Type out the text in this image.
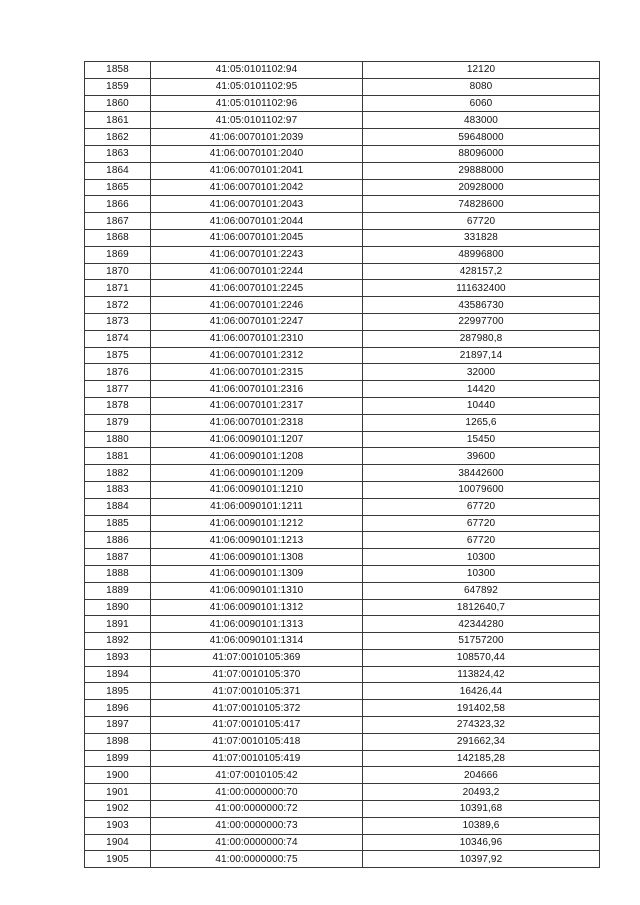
1858	41:05:0101102:94	12120
1859	41:05:0101102:95	8080
1860	41:05:0101102:96	6060
1861	41:05:0101102:97	483000
1862	41:06:0070101:2039	59648000
1863	41:06:0070101:2040	88096000
1864	41:06:0070101:2041	29888000
1865	41:06:0070101:2042	20928000
1866	41:06:0070101:2043	74828600
1867	41:06:0070101:2044	67720
1868	41:06:0070101:2045	331828
1869	41:06:0070101:2243	48996800
1870	41:06:0070101:2244	428157,2
1871	41:06:0070101:2245	111632400
1872	41:06:0070101:2246	43586730
1873	41:06:0070101:2247	22997700
1874	41:06:0070101:2310	287980,8
1875	41:06:0070101:2312	21897,14
1876	41:06:0070101:2315	32000
1877	41:06:0070101:2316	14420
1878	41:06:0070101:2317	10440
1879	41:06:0070101:2318	1265,6
1880	41:06:0090101:1207	15450
1881	41:06:0090101:1208	39600
1882	41:06:0090101:1209	38442600
1883	41:06:0090101:1210	10079600
1884	41:06:0090101:1211	67720
1885	41:06:0090101:1212	67720
1886	41:06:0090101:1213	67720
1887	41:06:0090101:1308	10300
1888	41:06:0090101:1309	10300
1889	41:06:0090101:1310	647892
1890	41:06:0090101:1312	1812640,7
1891	41:06:0090101:1313	42344280
1892	41:06:0090101:1314	51757200
1893	41:07:0010105:369	108570,44
1894	41:07:0010105:370	113824,42
1895	41:07:0010105:371	16426,44
1896	41:07:0010105:372	191402,58
1897	41:07:0010105:417	274323,32
1898	41:07:0010105:418	291662,34
1899	41:07:0010105:419	142185,28
1900	41:07:0010105:42	204666
1901	41:00:0000000:70	20493,2
1902	41:00:0000000:72	10391,68
1903	41:00:0000000:73	10389,6
1904	41:00:0000000:74	10346,96
1905	41:00:0000000:75	10397,92
